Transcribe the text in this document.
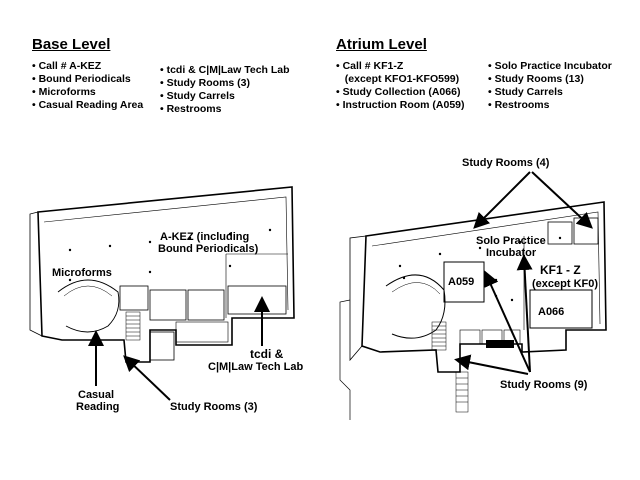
Base Level	Atrium Level
• Call # A-KEZ
• Bound Periodicals
• Microforms
• Casual Reading Area
• tcdi & C|M|Law Tech Lab
• Study Rooms (3)
• Study Carrels
• Restrooms
• Call # KF1-Z
(except KFO1-KFO599)
• Study Collection (A066)
• Instruction Room (A059)
• Solo Practice Incubator
• Study Rooms (13)
• Study Carrels
• Restrooms
A-KEZ (including
Bound Periodicals)
Microforms
tcdi &
C|M|Law Tech Lab
Casual
Reading	Study Rooms (3)
Study Rooms (4)
Solo Practice
Incubator
KF1 - Z
(except KF0)
A059
A066
Study Rooms (9)
